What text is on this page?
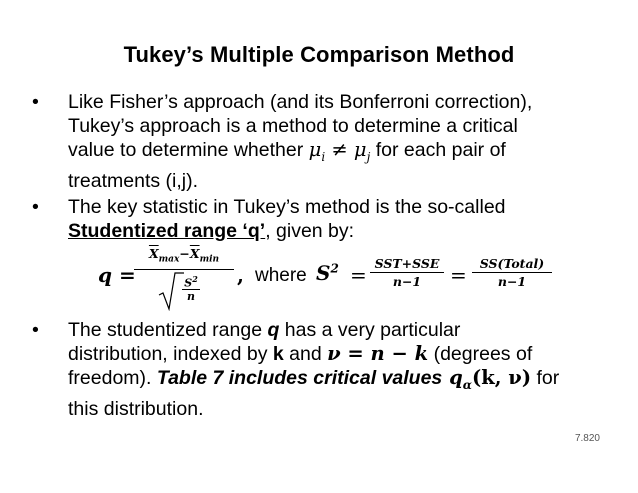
Tukey’s Multiple Comparison Method
• Like Fisher’s approach (and its Bonferroni correction),
Tukey’s approach is a method to determine a critical
value to determine whether $\mu_i \ne \mu_j$ for each pair of
treatments (i,j).
• The key statistic in Tukey’s method is the so-called
Studentized range ‘q’, given by:
q =
$\overline{X}_{max}-\overline{X}_{min}$
$S^2$
n
, where $S^2 = SST+SSE$
n−1	=	SS(Total)
n−1
• The studentized range q has a very particular
distribution, indexed by k and ν = n − k (degrees of
freedom). Table 7 includes critical values $q_\alpha(k$, ν) for
this distribution.
7.820
